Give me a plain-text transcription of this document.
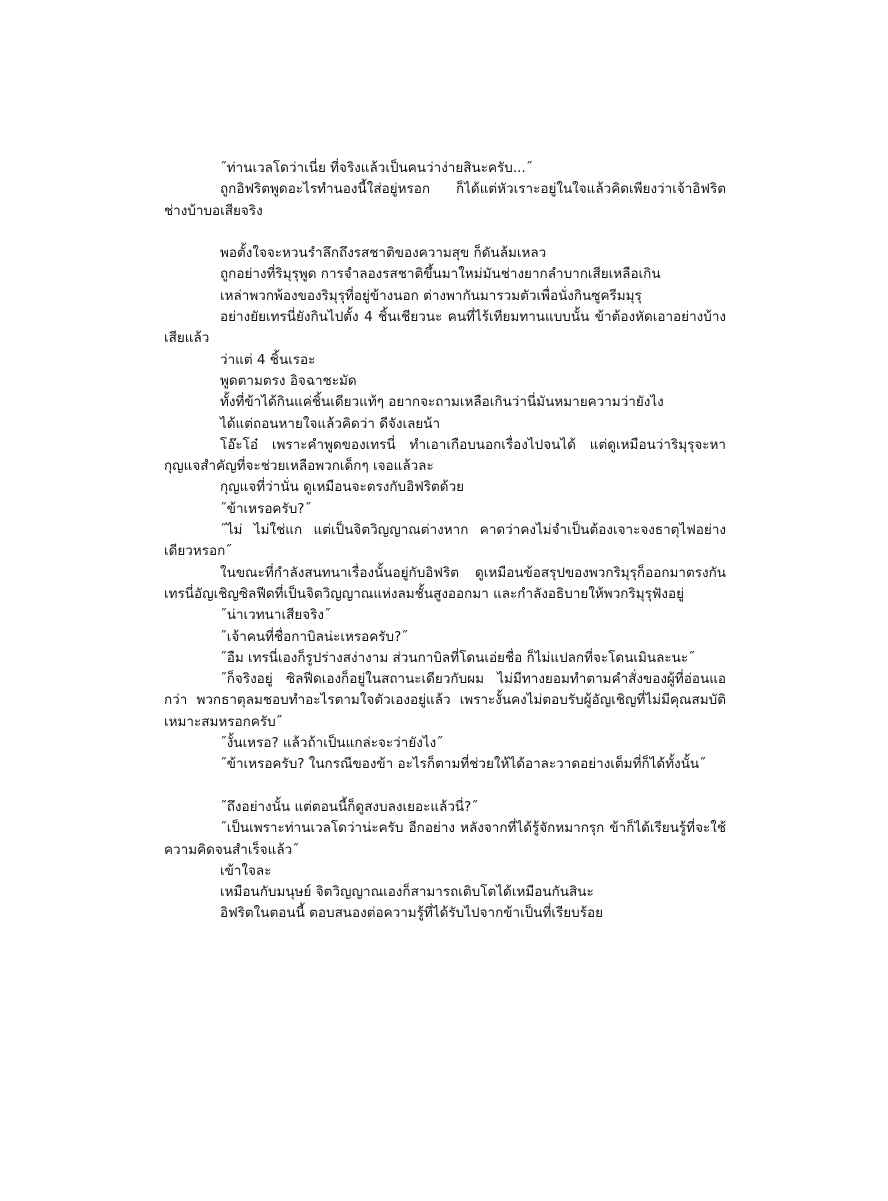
˝ท่านเวลโดว่าเนี่ย ที่จริงแล้วเป็นคนว่าง่ายสินะครับ...˝

ถูกอิฟริตพูดอะไรทำนองนี้ใส่อยู่หรอก ก็ได้แต่หัวเราะอยู่ในใจแล้วคิดเพียงว่าเจ้าอิฟริตช่างบ้าบอเสียจริง

พอตั้งใจจะหวนรำลึกถึงรสชาติของความสุข ก็ดันล้มเหลว

ถูกอย่างที่ริมุรุพูด การจำลองรสชาติขึ้นมาใหม่มันช่างยากลำบากเสียเหลือเกิน

เหล่าพวกพ้องของริมุรุที่อยู่ข้างนอก ต่างพากันมารวมตัวเพื่อนั่งกินซูครีมมุรุ

อย่างยัยเทรนี่ยังกินไปตั้ง 4 ชิ้นเชียวนะ คนที่ไร้เทียมทานแบบนั้น ข้าต้องหัดเอาอย่างบ้างเสียแล้ว

ว่าแต่ 4 ชิ้นเรอะ

พูดตามตรง อิจฉาชะมัด

ทั้งที่ข้าได้กินแค่ชิ้นเดียวแท้ๆ อยากจะถามเหลือเกินว่านี่มันหมายความว่ายังไง

ได้แต่ถอนหายใจแล้วคิดว่า ดีจังเลยน้า

โอ๊ะโอ๋ เพราะคำพูดของเทรนี่ ทำเอาเกือบนอกเรื่องไปจนได้ แต่ดูเหมือนว่าริมุรุจะหากุญแจสำคัญที่จะช่วยเหลือพวกเด็กๆ เจอแล้วละ

กุญแจที่ว่านั่น ดูเหมือนจะตรงกับอิฟริตด้วย

˝ข้าเหรอครับ?˝

˝ไม่ ไม่ใช่แก แต่เป็นจิตวิญญาณต่างหาก คาดว่าคงไม่จำเป็นต้องเจาะจงธาตุไฟอย่างเดียวหรอก˝

ในขณะที่กำลังสนทนาเรื่องนั้นอยู่กับอิฟริต ดูเหมือนข้อสรุปของพวกริมุรุก็ออกมาตรงกัน เทรนี่อัญเชิญซิลฟีดที่เป็นจิตวิญญาณแห่งลมชั้นสูงออกมา และกำลังอธิบายให้พวกริมุรุฟังอยู่

˝น่าเวทนาเสียจริง˝

˝เจ้าคนที่ชื่อกาบิลน่ะเหรอครับ?˝

˝อืม เทรนี่เองก็รูปร่างสง่างาม ส่วนกาบิลที่โดนเอ่ยชื่อ ก็ไม่แปลกที่จะโดนเมินละนะ˝

˝ก็จริงอยู่ ซิลฟีดเองก็อยู่ในสถานะเดียวกับผม ไม่มีทางยอมทำตามคำสั่งของผู้ที่อ่อนแอกว่า พวกธาตุลมชอบทำอะไรตามใจตัวเองอยู่แล้ว เพราะงั้นคงไม่ตอบรับผู้อัญเชิญที่ไม่มีคุณสมบัติเหมาะสมหรอกครับ˝

˝งั้นเหรอ? แล้วถ้าเป็นแกล่ะจะว่ายังไง˝

˝ข้าเหรอครับ? ในกรณีของข้า อะไรก็ตามที่ช่วยให้ได้อาละวาดอย่างเต็มที่ก็ได้ทั้งนั้น˝

˝ถึงอย่างนั้น แต่ตอนนี้ก็ดูสงบลงเยอะแล้วนี่?˝

˝เป็นเพราะท่านเวลโดว่าน่ะครับ อีกอย่าง หลังจากที่ได้รู้จักหมากรุก ข้าก็ได้เรียนรู้ที่จะใช้ความคิดจนสำเร็จแล้ว˝

เข้าใจละ

เหมือนกับมนุษย์ จิตวิญญาณเองก็สามารถเติบโตได้เหมือนกันสินะ

อิฟริตในตอนนี้ ตอบสนองต่อความรู้ที่ได้รับไปจากข้าเป็นที่เรียบร้อย
